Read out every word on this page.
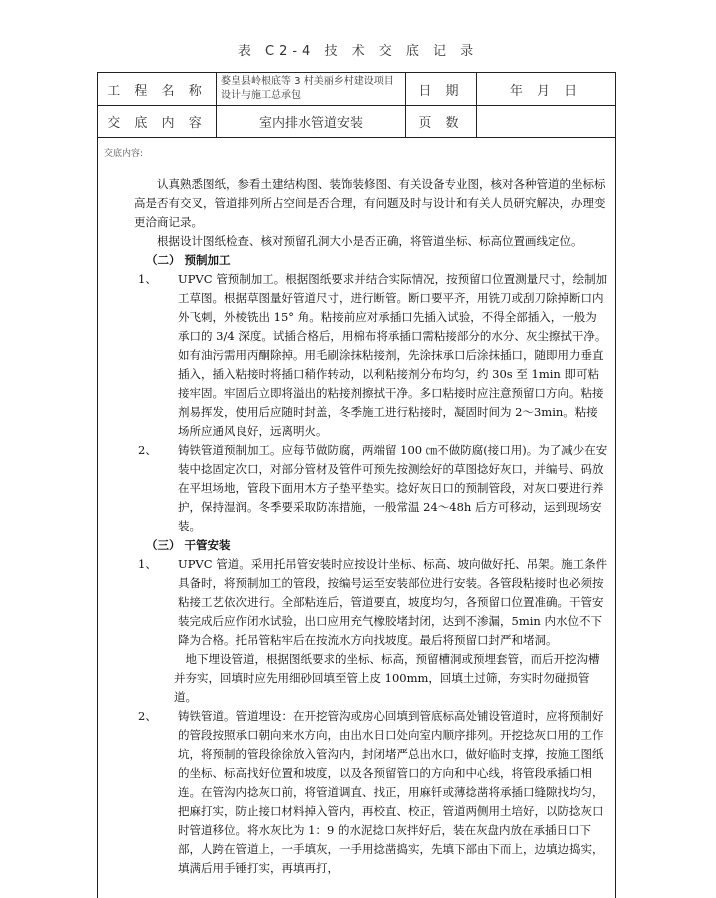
表 C2-4 技 术 交 底 记 录
工 程 名 称	婺皇县岭根底等 3 村美丽乡村建设项目设计与施工总承包	日 期	年 月 日
交 底 内 容	室内排水管道安装	页 数	
交底内容:

认真熟悉图纸，参看土建结构图、装饰装修图、有关设备专业图，核对各种管道的坐标标高是否有交叉，管道排列所占空间是否合理，有问题及时与设计和有关人员研究解决，办理变更洽商记录。

根据设计图纸检查、核对预留孔洞大小是否正确，将管道坐标、标高位置画线定位。

（二） 预制加工

1、	UPVC 管预制加工。根据图纸要求并结合实际情况，按预留口位置测量尺寸，绘制加工草图。根据草图量好管道尺寸，进行断管。断口要平齐，用铣刀或刮刀除掉断口内外飞刺，外棱铣出 15° 角。粘接前应对承插口先插入试验，不得全部插入，一般为承口的 3/4 深度。试插合格后，用棉布将承插口需粘接部分的水分、灰尘擦拭干净。如有油污需用丙酮除掉。用毛刷涂抹粘接剂，先涂抹承口后涂抹插口，随即用力垂直插入，插入粘接时将插口稍作转动，以利粘接剂分布均匀，约 30s 至 1min 即可粘接牢固。牢固后立即将溢出的粘接剂擦拭干净。多口粘接时应注意预留口方向。粘接剂易挥发，使用后应随时封盖，冬季施工进行粘接时，凝固时间为 2～3min。粘接场所应通风良好，远离明火。
2、	铸铁管道预制加工。应每节做防腐，两端留 100 ㎝不做防腐(接口用)。为了减少在安装中捻固定次口，对部分管材及管件可预先按测绘好的草图捻好灰口，并编号、码放在平坦场地，管段下面用木方子垫平垫实。捻好灰日口的预制管段，对灰口要进行养护，保持湿润。冬季要采取防冻措施，一般常温 24～48h 后方可移动，运到现场安装。

（三） 干管安装

1、	UPVC 管道。采用托吊管安装时应按设计坐标、标高、坡向做好托、吊架。施工条件具备时，将预制加工的管段，按编号运至安装部位进行安装。各管段粘接时也必须按粘接工艺依次进行。全部粘连后，管道要直，坡度均匀，各预留口位置准确。干管安装完成后应作闭水试验，出口应用充气橡胶堵封闭，达到不渗漏，5min 内水位不下降为合格。托吊管粘牢后在按流水方向找坡度。最后将预留口封严和堵洞。

地下埋设管道，根据图纸要求的坐标、标高，预留槽洞或预埋套管，而后开挖沟槽并夯实，回填时应先用细砂回填至管上皮 100mm，回填土过筛，夯实时勿碰损管道。

2、	铸铁管道。管道埋设：在开挖管沟或房心回填到管底标高处铺设管道时，应将预制好的管段按照承口朝向来水方向，由出水日口处向室内顺序排列。开挖捻灰口用的工作坑，将预制的管段徐徐放入管沟内，封闭堵严总出水口，做好临时支撑，按施工图纸的坐标、标高找好位置和坡度，以及各预留管口的方向和中心线，将管段承插口相连。在管沟内捻灰口前，将管道调直、找正，用麻钎或薄捻凿将承插口缝隙找均匀，把麻打实，防止接口材料掉入管内，再校直、校正，管道两侧用土培好，以防捻灰口时管道移位。将水灰比为 1：9 的水泥捻口灰拌好后，装在灰盘内放在承插日口下部，人跨在管道上，一手填灰，一手用捻凿捣实，先填下部由下而上，边填边捣实，填满后用手锤打实，再填再打，
